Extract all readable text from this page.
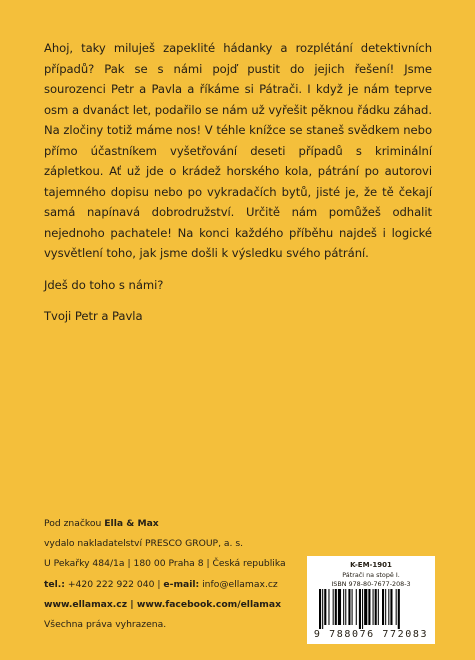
Ahoj, taky miluješ zapeklité hádanky a rozplétání detektivních případů? Pak se s námi pojď pustit do jejich řešení! Jsme sourozenci Petr a Pavla a říkáme si Pátrači. I když je nám teprve osm a dvanáct let, podařilo se nám už vyřešit pěknou řádku záhad. Na zločiny totiž máme nos! V téhle knížce se staneš svědkem nebo přímo účastníkem vyšetřování deseti případů s kriminální zápletkou. Ať už jde o krádež horského kola, pátrání po autorovi tajemného dopisu nebo po vykradačích bytů, jisté je, že tě čekají samá napínavá dobrodružství. Určitě nám pomůžeš odhalit nejednoho pachatele! Na konci každého příběhu najdeš i logické vysvětlení toho, jak jsme došli k výsledku svého pátrání.

Jdeš do toho s námi?

Tvoji Petr a Pavla

Pod značkou Ella & Max
vydalo nakladatelství PRESCO GROUP, a. s.
U Pekařky 484/1a | 180 00 Praha 8 | Česká republika
tel.: +420 222 922 040 | e-mail: info@ellamax.cz
www.ellamax.cz | www.facebook.com/ellamax
Všechna práva vyhrazena.
K-EM-1901
Pátrači na stopě I.
ISBN 978-80-7677-208-3
9 788076 772083
